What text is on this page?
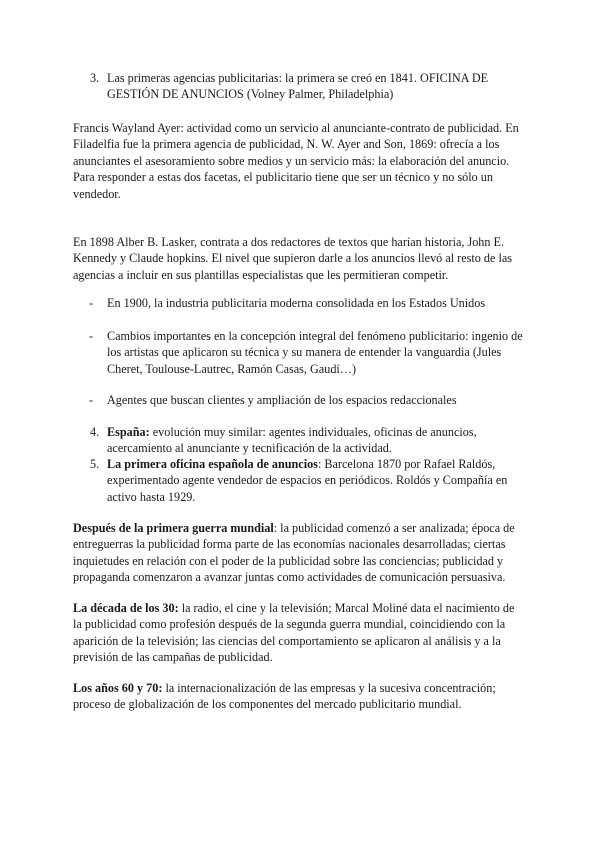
3. Las primeras agencias publicitarias: la primera se creó en 1841. OFICINA DE GESTIÓN DE ANUNCIOS (Volney Palmer, Philadelphia)

Francis Wayland Ayer: actividad como un servicio al anunciante-contrato de publicidad. En Filadelfia fue la primera agencia de publicidad, N. W. Ayer and Son, 1869: ofrecía a los anunciantes el asesoramiento sobre medios y un servicio más: la elaboración del anuncio. Para responder a estas dos facetas, el publicitario tiene que ser un técnico y no sólo un vendedor.

En 1898 Alber B. Lasker, contrata a dos redactores de textos que harían historia, John E. Kennedy y Claude hopkins. El nivel que supieron darle a los anuncios llevó al resto de las agencias a incluir en sus plantillas especialistas que les permitieran competir.

- En 1900, la industria publicitaria moderna consolidada en los Estados Unidos

- Cambios importantes en la concepción integral del fenómeno publicitario: ingenio de los artistas que aplicaron su técnica y su manera de entender la vanguardia (Jules Cheret, Toulouse-Lautrec, Ramón Casas, Gaudí…)

- Agentes que buscan clientes y ampliación de los espacios redaccionales

4. España: evolución muy similar: agentes individuales, oficinas de anuncios, acercamiento al anunciante y tecnificación de la actividad.

5. La primera oficina española de anuncios: Barcelona 1870 por Rafael Raldós, experimentado agente vendedor de espacios en periódicos. Roldós y Compañía en activo hasta 1929.

Después de la primera guerra mundial: la publicidad comenzó a ser analizada; época de entreguerras la publicidad forma parte de las economías nacionales desarrolladas; ciertas inquietudes en relación con el poder de la publicidad sobre las conciencias; publicidad y propaganda comenzaron a avanzar juntas como actividades de comunicación persuasiva.

La década de los 30: la radio, el cine y la televisión; Marcal Moliné data el nacimiento de la publicidad como profesión después de la segunda guerra mundial, coincidiendo con la aparición de la televisión; las ciencias del comportamiento se aplicaron al análisis y a la previsión de las campañas de publicidad.

Los años 60 y 70: la internacionalización de las empresas y la sucesiva concentración; proceso de globalización de los componentes del mercado publicitario mundial.
